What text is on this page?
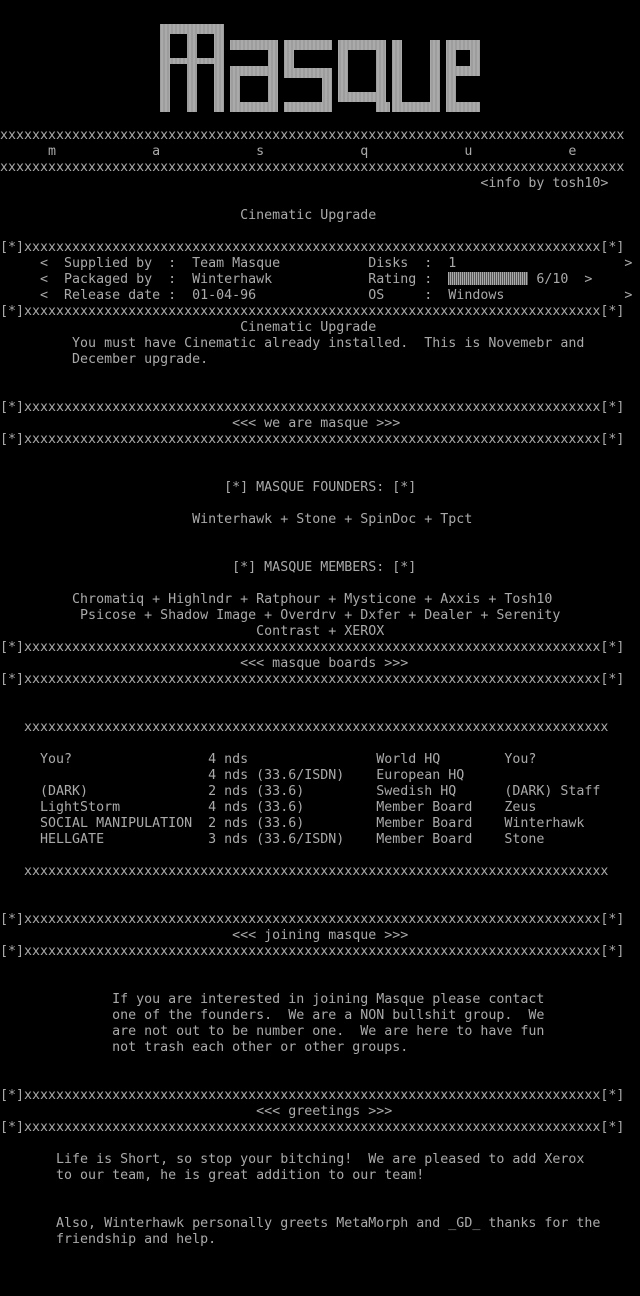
xxxxxxxxxxxxxxxxxxxxxxxxxxxxxxxxxxxxxxxxxxxxxxxxxxxxxxxxxxxxxxxxxxxxxxxxxxxxxx
m            a            s            q            u            e
xxxxxxxxxxxxxxxxxxxxxxxxxxxxxxxxxxxxxxxxxxxxxxxxxxxxxxxxxxxxxxxxxxxxxxxxxxxxxx
<info by tosh10>
Cinematic Upgrade
[*]xxxxxxxxxxxxxxxxxxxxxxxxxxxxxxxxxxxxxxxxxxxxxxxxxxxxxxxxxxxxxxxxxxxxxxxx[*]
<  Supplied by  :  Team Masque           Disks  :  1                     >
<  Packaged by  :  Winterhawk            Rating :	6/10  >
<  Release date :  01-04-96              OS     :  Windows               >
[*]xxxxxxxxxxxxxxxxxxxxxxxxxxxxxxxxxxxxxxxxxxxxxxxxxxxxxxxxxxxxxxxxxxxxxxxx[*]
Cinematic Upgrade
You must have Cinematic already installed.  This is Novemebr and
December upgrade.
[*]xxxxxxxxxxxxxxxxxxxxxxxxxxxxxxxxxxxxxxxxxxxxxxxxxxxxxxxxxxxxxxxxxxxxxxxx[*]
<<< we are masque >>>
[*]xxxxxxxxxxxxxxxxxxxxxxxxxxxxxxxxxxxxxxxxxxxxxxxxxxxxxxxxxxxxxxxxxxxxxxxx[*]
[*] MASQUE FOUNDERS: [*]
Winterhawk + Stone + SpinDoc + Tpct
[*] MASQUE MEMBERS: [*]
Chromatiq + Highlndr + Ratphour + Mysticone + Axxis + Tosh10
Psicose + Shadow Image + Overdrv + Dxfer + Dealer + Serenity
Contrast + XEROX
[*]xxxxxxxxxxxxxxxxxxxxxxxxxxxxxxxxxxxxxxxxxxxxxxxxxxxxxxxxxxxxxxxxxxxxxxxx[*]
<<< masque boards >>>
[*]xxxxxxxxxxxxxxxxxxxxxxxxxxxxxxxxxxxxxxxxxxxxxxxxxxxxxxxxxxxxxxxxxxxxxxxx[*]
xxxxxxxxxxxxxxxxxxxxxxxxxxxxxxxxxxxxxxxxxxxxxxxxxxxxxxxxxxxxxxxxxxxxxxxxx
You?                 4 nds                World HQ        You?
4 nds (33.6/ISDN)    European HQ
(DARK)               2 nds (33.6)         Swedish HQ      (DARK) Staff
LightStorm           4 nds (33.6)         Member Board    Zeus
SOCIAL MANIPULATION  2 nds (33.6)         Member Board    Winterhawk
HELLGATE             3 nds (33.6/ISDN)    Member Board    Stone
xxxxxxxxxxxxxxxxxxxxxxxxxxxxxxxxxxxxxxxxxxxxxxxxxxxxxxxxxxxxxxxxxxxxxxxxx
[*]xxxxxxxxxxxxxxxxxxxxxxxxxxxxxxxxxxxxxxxxxxxxxxxxxxxxxxxxxxxxxxxxxxxxxxxx[*]
<<< joining masque >>>
[*]xxxxxxxxxxxxxxxxxxxxxxxxxxxxxxxxxxxxxxxxxxxxxxxxxxxxxxxxxxxxxxxxxxxxxxxx[*]
If you are interested in joining Masque please contact
one of the founders.  We are a NON bullshit group.  We
are not out to be number one.  We are here to have fun
not trash each other or other groups.
[*]xxxxxxxxxxxxxxxxxxxxxxxxxxxxxxxxxxxxxxxxxxxxxxxxxxxxxxxxxxxxxxxxxxxxxxxx[*]
<<< greetings >>>
[*]xxxxxxxxxxxxxxxxxxxxxxxxxxxxxxxxxxxxxxxxxxxxxxxxxxxxxxxxxxxxxxxxxxxxxxxx[*]
Life is Short, so stop your bitching!  We are pleased to add Xerox
to our team, he is great addition to our team!
Also, Winterhawk personally greets MetaMorph and _GD_ thanks for the
friendship and help.
